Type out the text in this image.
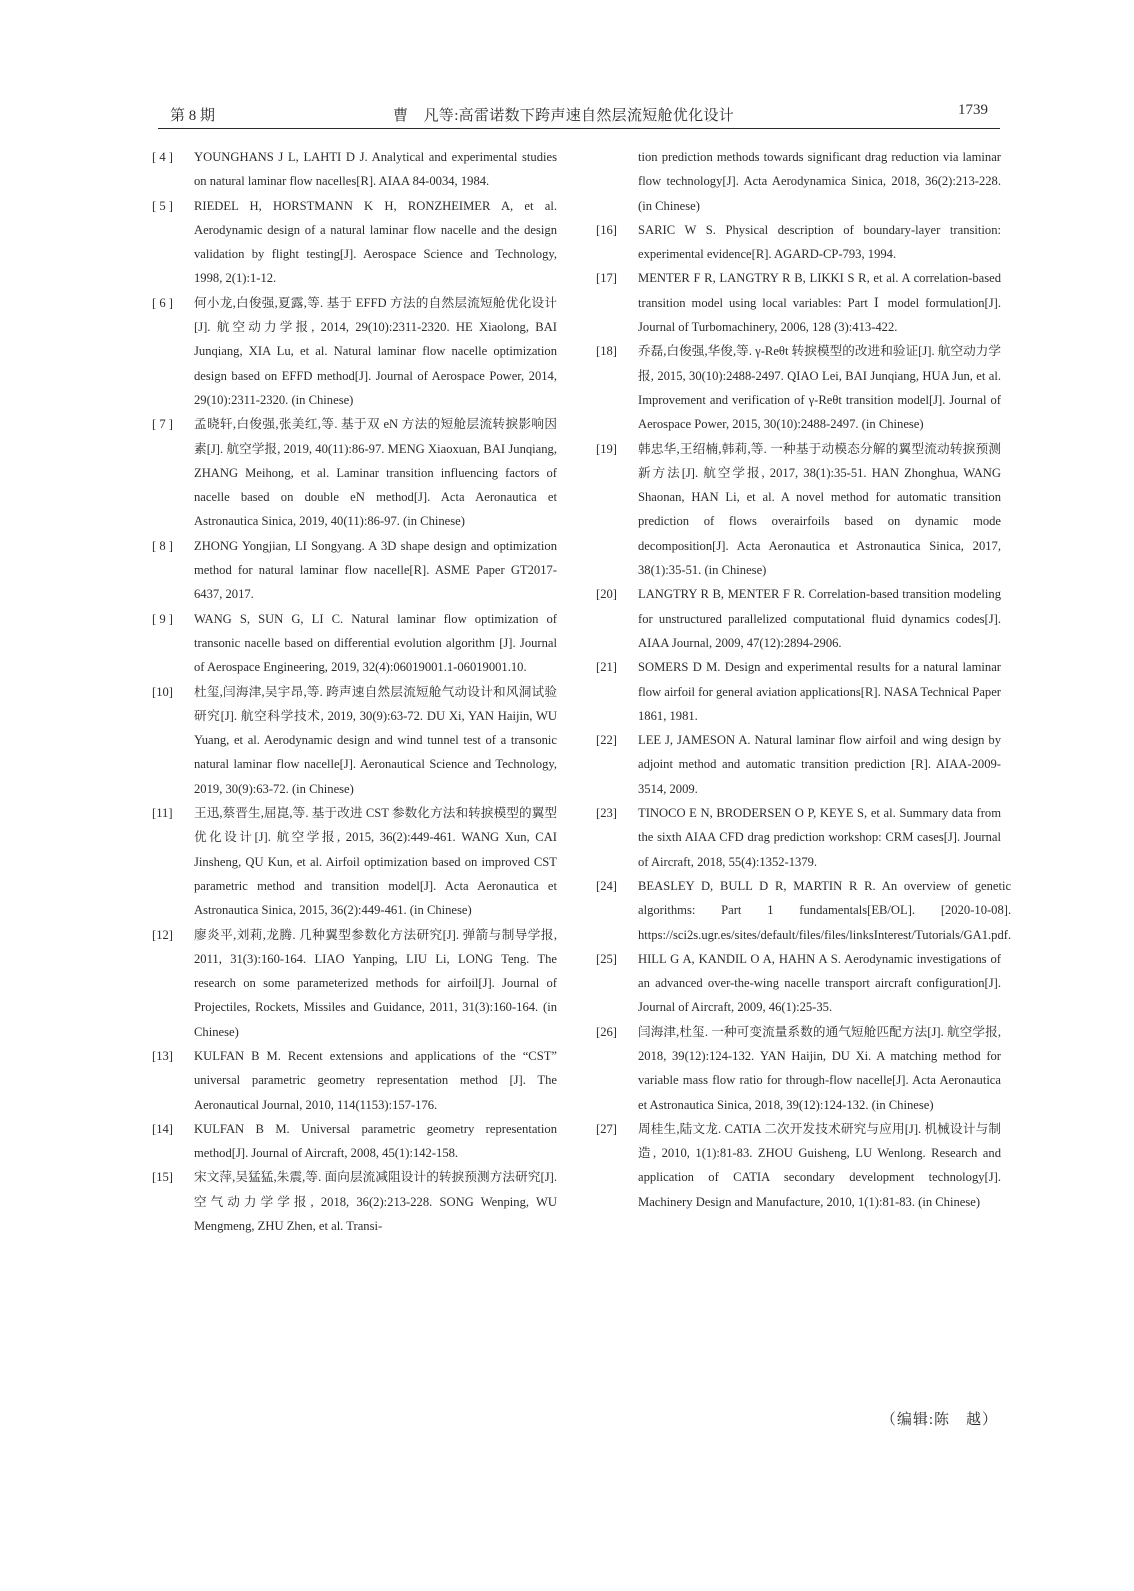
第 8 期	曹　凡等:高雷诺数下跨声速自然层流短舱优化设计	1739
[ 4 ]	YOUNGHANS J L, LAHTI D J. Analytical and experimental studies on natural laminar flow nacelles[R]. AIAA 84-0034, 1984.
[ 5 ]	RIEDEL H, HORSTMANN K H, RONZHEIMER A, et al. Aerodynamic design of a natural laminar flow nacelle and the design validation by flight testing[J]. Aerospace Science and Technology, 1998, 2(1):1-12.
[ 6 ]	何小龙,白俊强,夏露,等. 基于 EFFD 方法的自然层流短舱优化设计[J]. 航空动力学报, 2014, 29(10):2311-2320. HE Xiaolong, BAI Junqiang, XIA Lu, et al. Natural laminar flow nacelle optimization design based on EFFD method[J]. Journal of Aerospace Power, 2014, 29(10):2311-2320. (in Chinese)
[ 7 ]	孟晓轩,白俊强,张美红,等. 基于双 eN 方法的短舱层流转捩影响因素[J]. 航空学报, 2019, 40(11):86-97. MENG Xiaoxuan, BAI Junqiang, ZHANG Meihong, et al. Laminar transition influencing factors of nacelle based on double eN method[J]. Acta Aeronautica et Astronautica Sinica, 2019, 40(11):86-97. (in Chinese)
[ 8 ]	ZHONG Yongjian, LI Songyang. A 3D shape design and optimization method for natural laminar flow nacelle[R]. ASME Paper GT2017-6437, 2017.
[ 9 ]	WANG S, SUN G, LI C. Natural laminar flow optimization of transonic nacelle based on differential evolution algorithm [J]. Journal of Aerospace Engineering, 2019, 32(4):06019001.1-06019001.10.
[10]	杜玺,闫海津,吴宇昂,等. 跨声速自然层流短舱气动设计和风洞试验研究[J]. 航空科学技术, 2019, 30(9):63-72. DU Xi, YAN Haijin, WU Yuang, et al. Aerodynamic design and wind tunnel test of a transonic natural laminar flow nacelle[J]. Aeronautical Science and Technology, 2019, 30(9):63-72. (in Chinese)
[11]	王迅,蔡晋生,屈崑,等. 基于改进 CST 参数化方法和转捩模型的翼型优化设计[J]. 航空学报, 2015, 36(2):449-461. WANG Xun, CAI Jinsheng, QU Kun, et al. Airfoil optimization based on improved CST parametric method and transition model[J]. Acta Aeronautica et Astronautica Sinica, 2015, 36(2):449-461. (in Chinese)
[12]	廖炎平,刘莉,龙腾. 几种翼型参数化方法研究[J]. 弹箭与制导学报, 2011, 31(3):160-164. LIAO Yanping, LIU Li, LONG Teng. The research on some parameterized methods for airfoil[J]. Journal of Projectiles, Rockets, Missiles and Guidance, 2011, 31(3):160-164. (in Chinese)
[13]	KULFAN B M. Recent extensions and applications of the “CST” universal parametric geometry representation method [J]. The Aeronautical Journal, 2010, 114(1153):157-176.
[14]	KULFAN B M. Universal parametric geometry representation method[J]. Journal of Aircraft, 2008, 45(1):142-158.
[15]	宋文萍,吴猛猛,朱震,等. 面向层流减阻设计的转捩预测方法研究[J]. 空气动力学学报, 2018, 36(2):213-228. SONG Wenping, WU Mengmeng, ZHU Zhen, et al. Transi-
tion prediction methods towards significant drag reduction via laminar flow technology[J]. Acta Aerodynamica Sinica, 2018, 36(2):213-228. (in Chinese)
[16]	SARIC W S. Physical description of boundary-layer transition: experimental evidence[R]. AGARD-CP-793, 1994.
[17]	MENTER F R, LANGTRY R B, LIKKI S R, et al. A correlation-based transition model using local variables: Part Ⅰ model formulation[J]. Journal of Turbomachinery, 2006, 128 (3):413-422.
[18]	乔磊,白俊强,华俊,等. γ-Reθt 转捩模型的改进和验证[J]. 航空动力学报, 2015, 30(10):2488-2497. QIAO Lei, BAI Junqiang, HUA Jun, et al. Improvement and verification of γ-Reθt transition model[J]. Journal of Aerospace Power, 2015, 30(10):2488-2497. (in Chinese)
[19]	韩忠华,王绍楠,韩莉,等. 一种基于动模态分解的翼型流动转捩预测新方法[J]. 航空学报, 2017, 38(1):35-51. HAN Zhonghua, WANG Shaonan, HAN Li, et al. A novel method for automatic transition prediction of flows overairfoils based on dynamic mode decomposition[J]. Acta Aeronautica et Astronautica Sinica, 2017, 38(1):35-51. (in Chinese)
[20]	LANGTRY R B, MENTER F R. Correlation-based transition modeling for unstructured parallelized computational fluid dynamics codes[J]. AIAA Journal, 2009, 47(12):2894-2906.
[21]	SOMERS D M. Design and experimental results for a natural laminar flow airfoil for general aviation applications[R]. NASA Technical Paper 1861, 1981.
[22]	LEE J, JAMESON A. Natural laminar flow airfoil and wing design by adjoint method and automatic transition prediction [R]. AIAA-2009-3514, 2009.
[23]	TINOCO E N, BRODERSEN O P, KEYE S, et al. Summary data from the sixth AIAA CFD drag prediction workshop: CRM cases[J]. Journal of Aircraft, 2018, 55(4):1352-1379.
[24]	BEASLEY D, BULL D R, MARTIN R R. An overview of genetic algorithms: Part 1 fundamentals[EB/OL]. [2020-10-08]. https://sci2s.ugr.es/sites/default/files/files/linksInterest/Tutorials/GA1.pdf.
[25]	HILL G A, KANDIL O A, HAHN A S. Aerodynamic investigations of an advanced over-the-wing nacelle transport aircraft configuration[J]. Journal of Aircraft, 2009, 46(1):25-35.
[26]	闫海津,杜玺. 一种可变流量系数的通气短舱匹配方法[J]. 航空学报, 2018, 39(12):124-132. YAN Haijin, DU Xi. A matching method for variable mass flow ratio for through-flow nacelle[J]. Acta Aeronautica et Astronautica Sinica, 2018, 39(12):124-132. (in Chinese)
[27]	周桂生,陆文龙. CATIA 二次开发技术研究与应用[J]. 机械设计与制造, 2010, 1(1):81-83. ZHOU Guisheng, LU Wenlong. Research and application of CATIA secondary development technology[J]. Machinery Design and Manufacture, 2010, 1(1):81-83. (in Chinese)
（编辑:陈　越）
